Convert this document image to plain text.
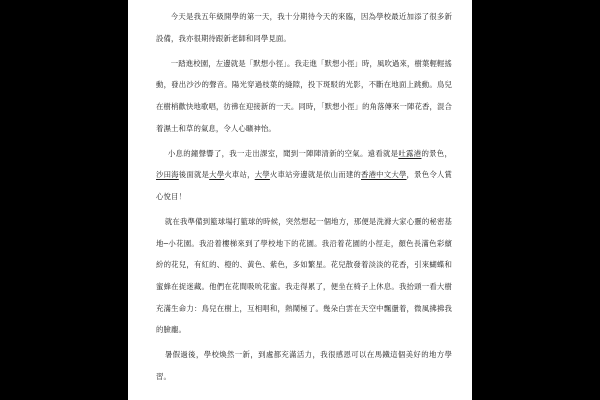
今天是我五年級開學的第一天，我十分期待今天的來臨，因為學校最近加添了很多新設備，我亦很期待跟新老師和同學見面。

一踏進校園，左邊就是「默想小徑」。我走進「默想小徑」時，風吹過來，樹葉輕輕搖動，發出沙沙的聲音。陽光穿過枝葉的縫隙，投下斑駁的光影，不斷在地面上跳動。鳥兒在樹梢歡快地歌唱，彷彿在迎接新的一天。同時，「默想小徑」的角落傳來一陣花香，混合着濕土和草的氣息，令人心曠神怡。

小息的鐘聲響了，我一走出課室，聞到一陣陣清新的空氣。遠看就是吐露港的景色，沙田海後面就是大學火車站，大學火車站旁邊就是依山而建的香港中文大學，景色令人賞心悅目！

就在我準備到籃球場打籃球的時候，突然想起一個地方，那便是洗滌大家心靈的秘密基地─小花園。我沿着樓梯來到了學校地下的花園。我沿着花園的小徑走，顏色長滿色彩繽紛的花兒，有紅的、橙的、黃色、紫色，多如繁星。花兒散發着淡淡的花香，引來蝴蝶和蜜蜂在捉迷藏。他們在花間吸吮花蜜。我走得累了，便坐在椅子上休息。我抬頭一看大樹充滿生命力：鳥兒在樹上，互相唱和，熱鬧極了。幾朵白雲在天空中飄盪着，微風拂拂我的臉龐。

暑假過後，學校煥然一新，到處都充滿活力，我很感恩可以在馬鐵這個美好的地方學習。
